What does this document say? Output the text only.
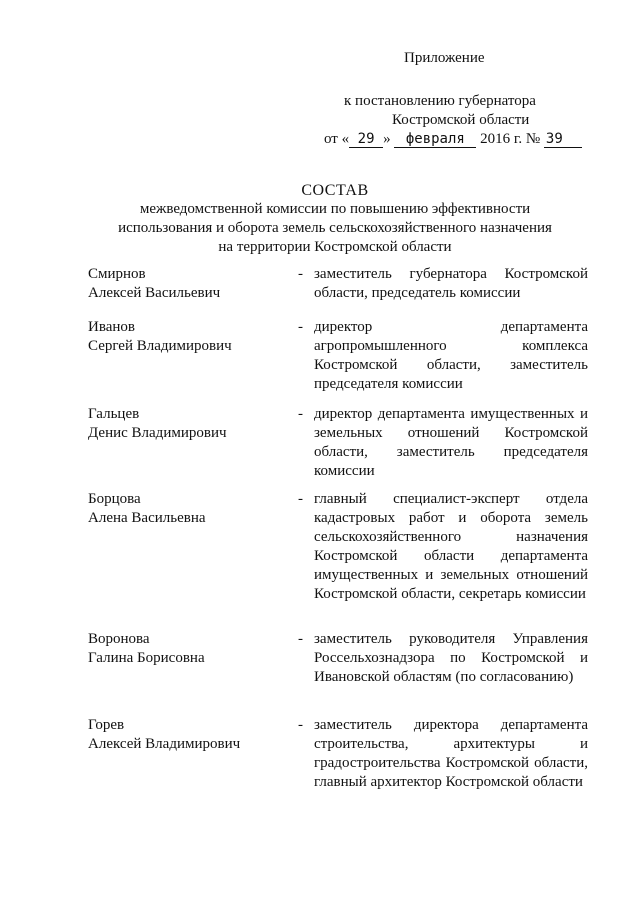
Приложение
к постановлению губернатора
Костромской области
от « 29 » февраля 2016 г. № 39
СОСТАВ
межведомственной комиссии по повышению эффективности
использования и оборота земель сельскохозяйственного назначения
на территории Костромской области
Смирнов
Алексей Васильевич
- заместитель губернатора Костромской области, председатель комиссии
Иванов
Сергей Владимирович
- директор департамента агропромышленного комплекса Костромской области, заместитель председателя комиссии
Гальцев
Денис Владимирович
- директор департамента имущественных и земельных отношений Костромской области, заместитель председателя комиссии
Борцова
Алена Васильевна
- главный специалист-эксперт отдела кадастровых работ и оборота земель сельскохозяйственного назначения Костромской области департамента имущественных и земельных отношений Костромской области, секретарь комиссии
Воронова
Галина Борисовна
- заместитель руководителя Управления Россельхознадзора по Костромской и Ивановской областям (по согласованию)
Горев
Алексей Владимирович
- заместитель директора департамента строительства, архитектуры и градостроительства Костромской области, главный архитектор Костромской области
